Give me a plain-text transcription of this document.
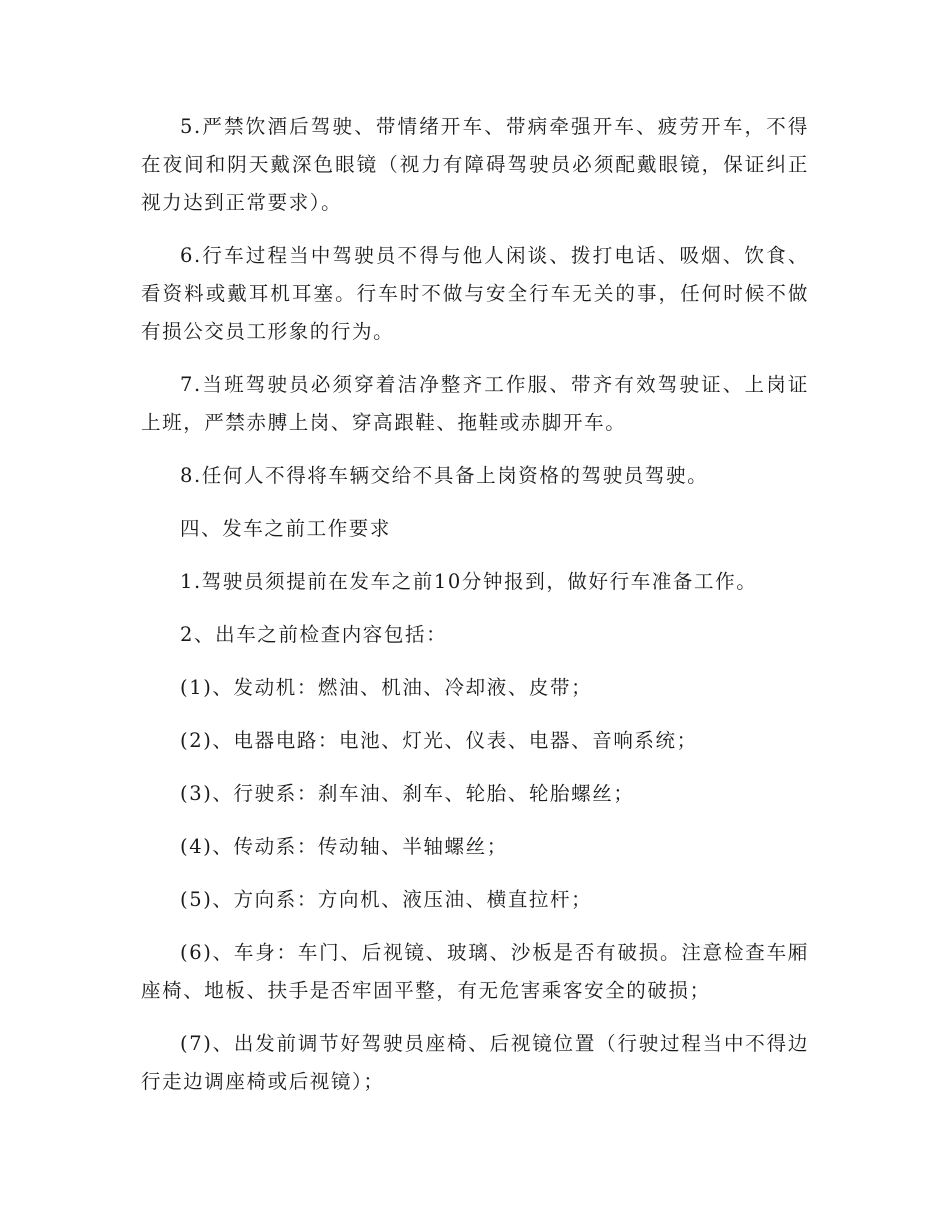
5.严禁饮酒后驾驶、带情绪开车、带病牵强开车、疲劳开车，不得在夜间和阴天戴深色眼镜（视力有障碍驾驶员必须配戴眼镜，保证纠正视力达到正常要求）。

6.行车过程当中驾驶员不得与他人闲谈、拨打电话、吸烟、饮食、看资料或戴耳机耳塞。行车时不做与安全行车无关的事，任何时候不做有损公交员工形象的行为。

7.当班驾驶员必须穿着洁净整齐工作服、带齐有效驾驶证、上岗证上班，严禁赤膊上岗、穿高跟鞋、拖鞋或赤脚开车。

8.任何人不得将车辆交给不具备上岗资格的驾驶员驾驶。

四、发车之前工作要求

1.驾驶员须提前在发车之前10分钟报到，做好行车准备工作。

2、出车之前检查内容包括：

(1)、发动机：燃油、机油、冷却液、皮带；

(2)、电器电路：电池、灯光、仪表、电器、音响系统；

(3)、行驶系：刹车油、刹车、轮胎、轮胎螺丝；

(4)、传动系：传动轴、半轴螺丝；

(5)、方向系：方向机、液压油、横直拉杆；

(6)、车身：车门、后视镜、玻璃、沙板是否有破损。注意检查车厢座椅、地板、扶手是否牢固平整，有无危害乘客安全的破损；

(7)、出发前调节好驾驶员座椅、后视镜位置（行驶过程当中不得边行走边调座椅或后视镜）；
